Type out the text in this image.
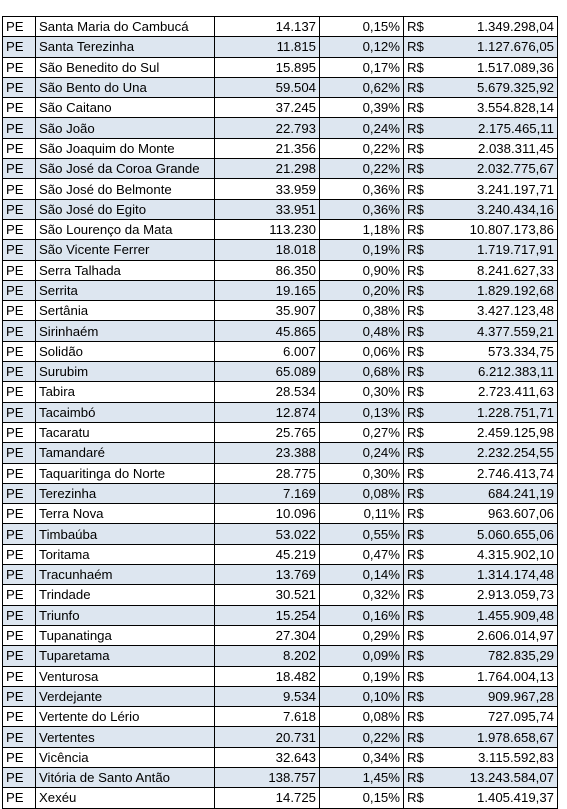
PE	Santa Maria do Cambucá	14.137	0,15%	R$	1.349.298,04
PE	Santa Terezinha	11.815	0,12%	R$	1.127.676,05
PE	São Benedito do Sul	15.895	0,17%	R$	1.517.089,36
PE	São Bento do Una	59.504	0,62%	R$	5.679.325,92
PE	São Caitano	37.245	0,39%	R$	3.554.828,14
PE	São João	22.793	0,24%	R$	2.175.465,11
PE	São Joaquim do Monte	21.356	0,22%	R$	2.038.311,45
PE	São José da Coroa Grande	21.298	0,22%	R$	2.032.775,67
PE	São José do Belmonte	33.959	0,36%	R$	3.241.197,71
PE	São José do Egito	33.951	0,36%	R$	3.240.434,16
PE	São Lourenço da Mata	113.230	1,18%	R$	10.807.173,86
PE	São Vicente Ferrer	18.018	0,19%	R$	1.719.717,91
PE	Serra Talhada	86.350	0,90%	R$	8.241.627,33
PE	Serrita	19.165	0,20%	R$	1.829.192,68
PE	Sertânia	35.907	0,38%	R$	3.427.123,48
PE	Sirinhaém	45.865	0,48%	R$	4.377.559,21
PE	Solidão	6.007	0,06%	R$	573.334,75
PE	Surubim	65.089	0,68%	R$	6.212.383,11
PE	Tabira	28.534	0,30%	R$	2.723.411,63
PE	Tacaimbó	12.874	0,13%	R$	1.228.751,71
PE	Tacaratu	25.765	0,27%	R$	2.459.125,98
PE	Tamandaré	23.388	0,24%	R$	2.232.254,55
PE	Taquaritinga do Norte	28.775	0,30%	R$	2.746.413,74
PE	Terezinha	7.169	0,08%	R$	684.241,19
PE	Terra Nova	10.096	0,11%	R$	963.607,06
PE	Timbaúba	53.022	0,55%	R$	5.060.655,06
PE	Toritama	45.219	0,47%	R$	4.315.902,10
PE	Tracunhaém	13.769	0,14%	R$	1.314.174,48
PE	Trindade	30.521	0,32%	R$	2.913.059,73
PE	Triunfo	15.254	0,16%	R$	1.455.909,48
PE	Tupanatinga	27.304	0,29%	R$	2.606.014,97
PE	Tuparetama	8.202	0,09%	R$	782.835,29
PE	Venturosa	18.482	0,19%	R$	1.764.004,13
PE	Verdejante	9.534	0,10%	R$	909.967,28
PE	Vertente do Lério	7.618	0,08%	R$	727.095,74
PE	Vertentes	20.731	0,22%	R$	1.978.658,67
PE	Vicência	32.643	0,34%	R$	3.115.592,83
PE	Vitória de Santo Antão	138.757	1,45%	R$	13.243.584,07
PE	Xexéu	14.725	0,15%	R$	1.405.419,37
